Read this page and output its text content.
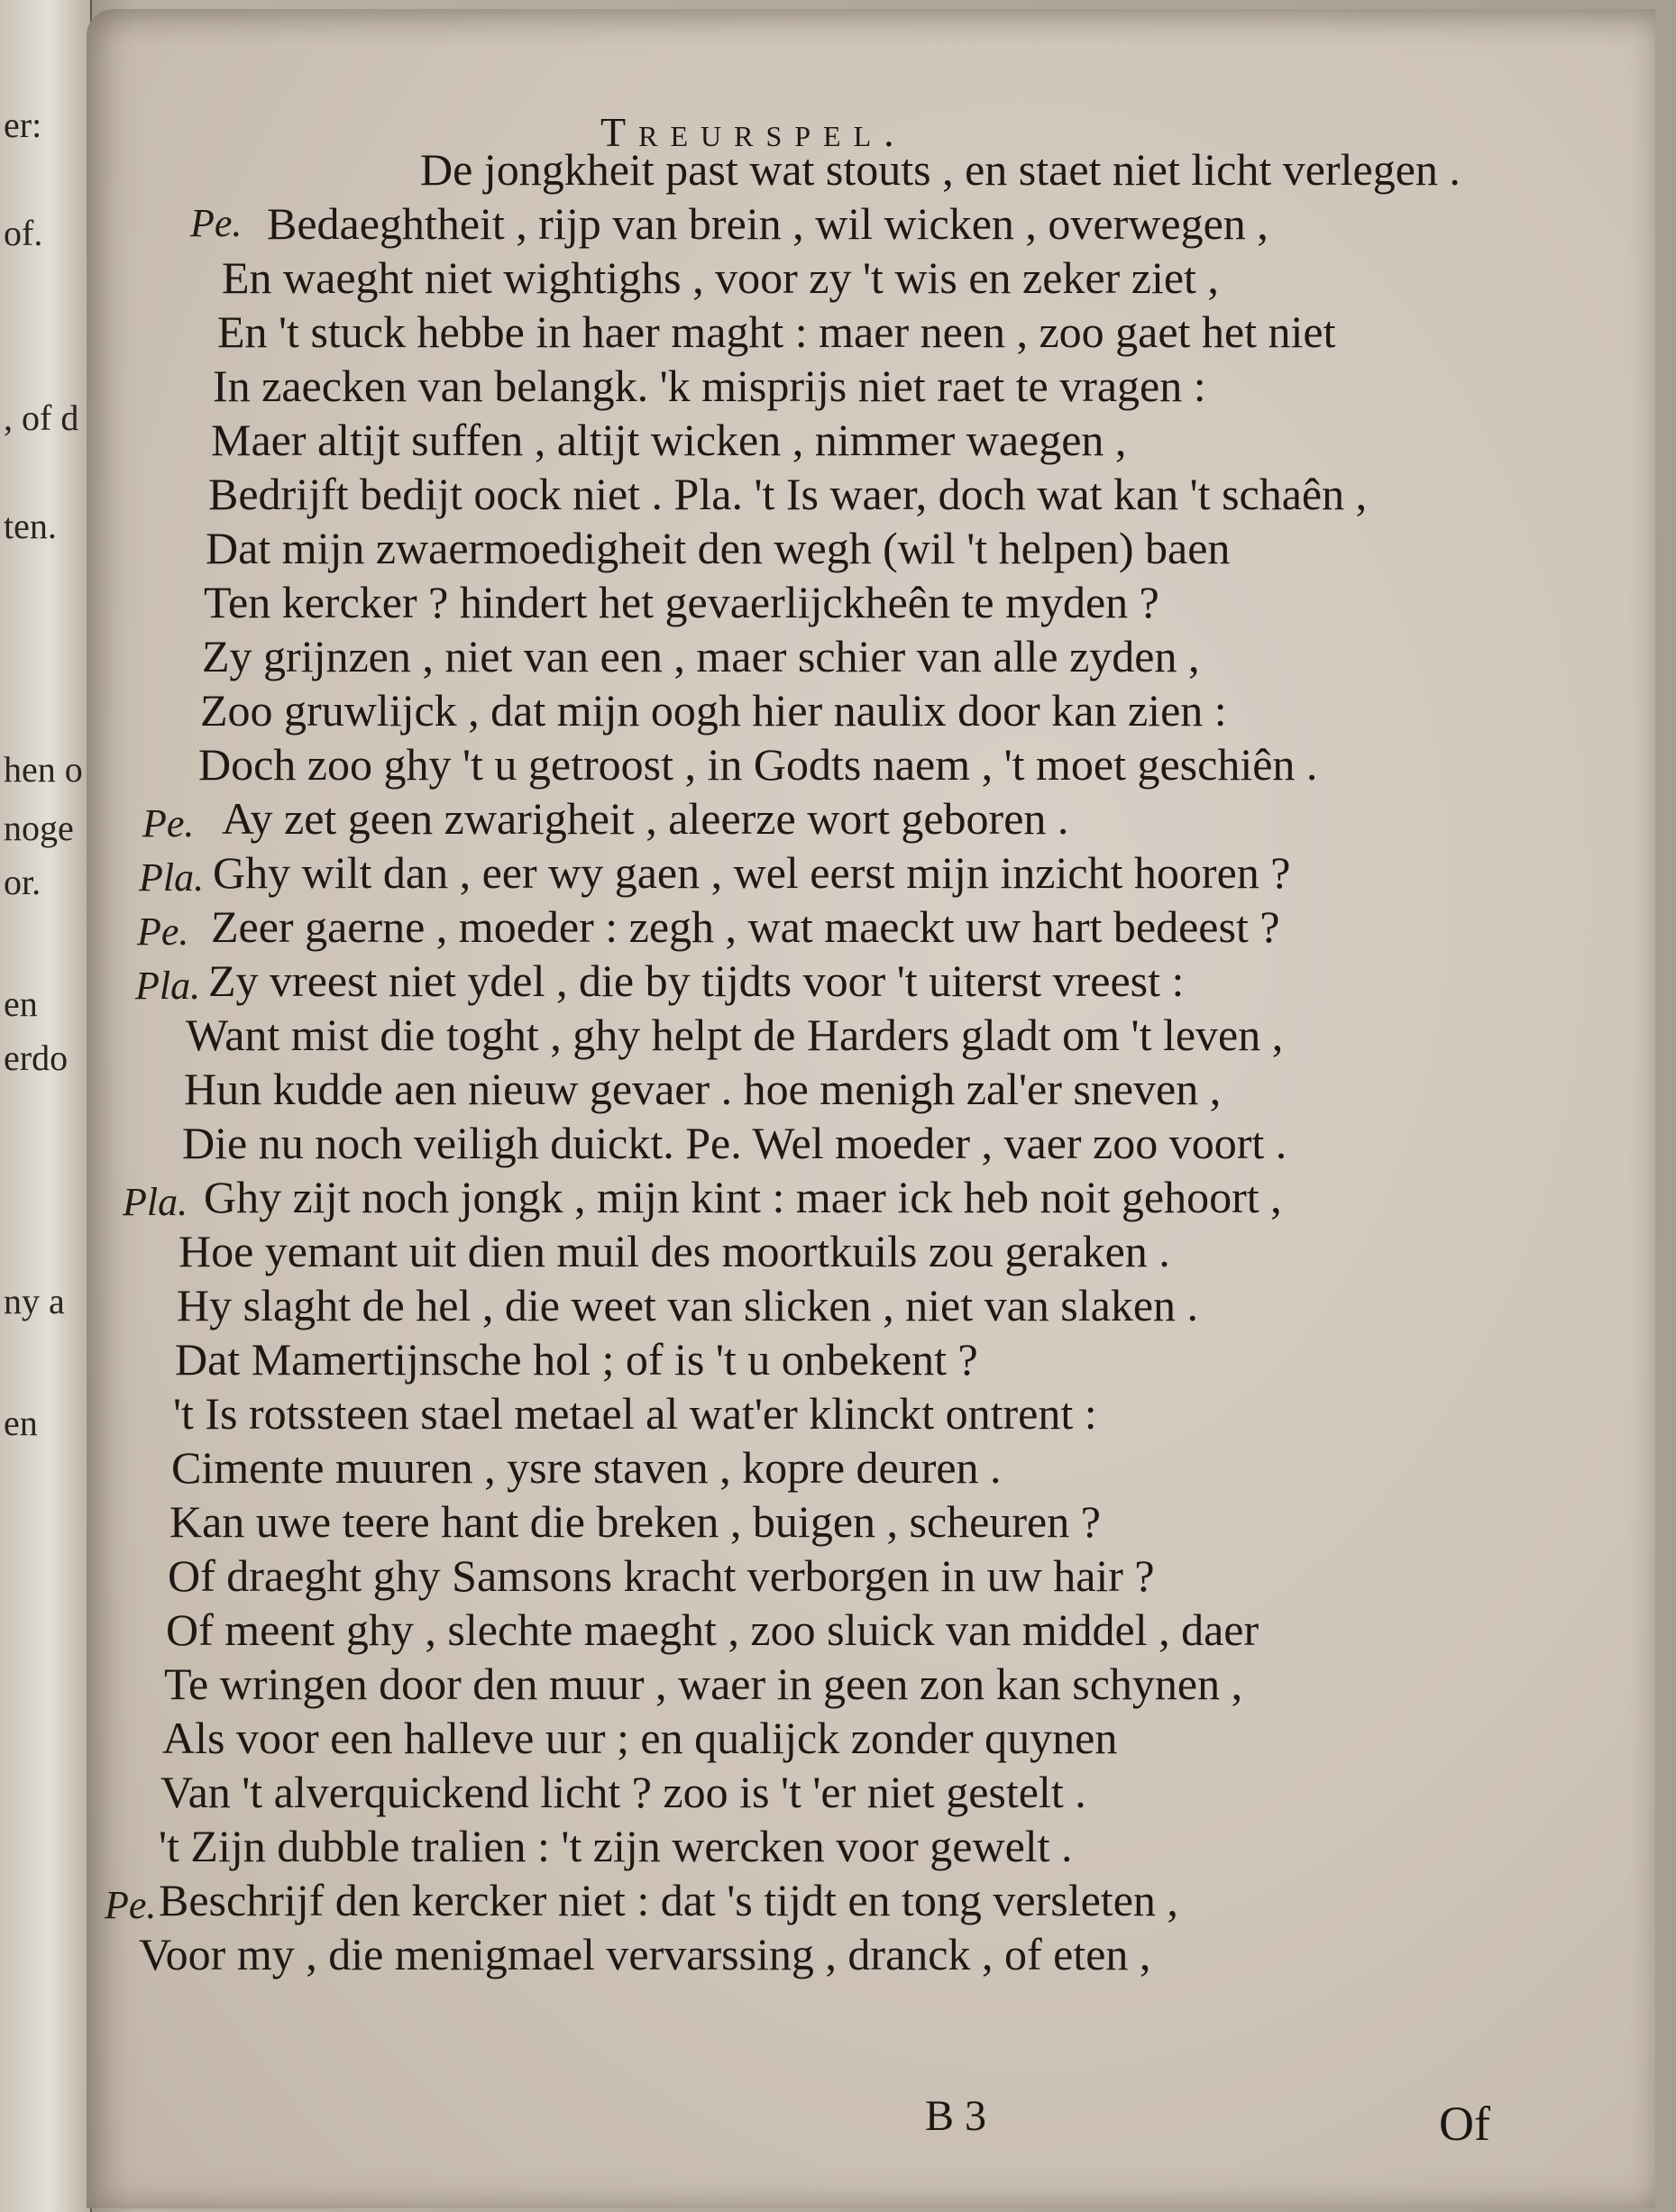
er:
of.
, of d
ten.
hen o
noge
or.
en
erdo
ny a
en
Treurspel.
De jongkheit past wat stouts , en staet niet licht verlegen .
Pe. Bedaeghtheit , rijp van brein , wil wicken , overwegen ,
En waeght niet wightighs , voor zy 't wis en zeker ziet ,
En 't stuck hebbe in haer maght : maer neen , zoo gaet het niet
In zaecken van belangk. 'k misprijs niet raet te vragen :
Maer altijt suffen , altijt wicken , nimmer waegen ,
Bedrijft bedijt oock niet . Pla. 't Is waer, doch wat kan 't schaên ,
Dat mijn zwaermoedigheit den wegh (wil 't helpen) baen
Ten kercker ? hindert het gevaerlijckheên te myden ?
Zy grijnzen , niet van een , maer schier van alle zyden ,
Zoo gruwlijck , dat mijn oogh hier naulix door kan zien :
Doch zoo ghy 't u getroost , in Godts naem , 't moet geschiên .
Pe. Ay zet geen zwarigheit , aleerze wort geboren .
Pla. Ghy wilt dan , eer wy gaen , wel eerst mijn inzicht hooren ?
Pe. Zeer gaerne , moeder : zegh , wat maeckt uw hart bedeest ?
Pla. Zy vreest niet ydel , die by tijdts voor 't uiterst vreest :
Want mist die toght , ghy helpt de Harders gladt om 't leven ,
Hun kudde aen nieuw gevaer . hoe menigh zal'er sneven ,
Die nu noch veiligh duickt. Pe. Wel moeder , vaer zoo voort .
Pla. Ghy zijt noch jongk , mijn kint : maer ick heb noit gehoort ,
Hoe yemant uit dien muil des moortkuils zou geraken .
Hy slaght de hel , die weet van slicken , niet van slaken .
Dat Mamertijnsche hol ; of is 't u onbekent ?
't Is rotssteen stael metael al wat'er klinckt ontrent :
Cimente muuren , ysre staven , kopre deuren .
Kan uwe teere hant die breken , buigen , scheuren ?
Of draeght ghy Samsons kracht verborgen in uw hair ?
Of meent ghy , slechte maeght , zoo sluick van middel , daer
Te wringen door den muur , waer in geen zon kan schynen ,
Als voor een halleve uur ; en qualijck zonder quynen
Van 't alverquickend licht ? zoo is 't 'er niet gestelt .
't Zijn dubble tralien : 't zijn wercken voor gewelt .
Pe. Beschrijf den kercker niet : dat 's tijdt en tong versleten ,
Voor my , die menigmael vervarssing , dranck , of eten ,
B 3	Of
